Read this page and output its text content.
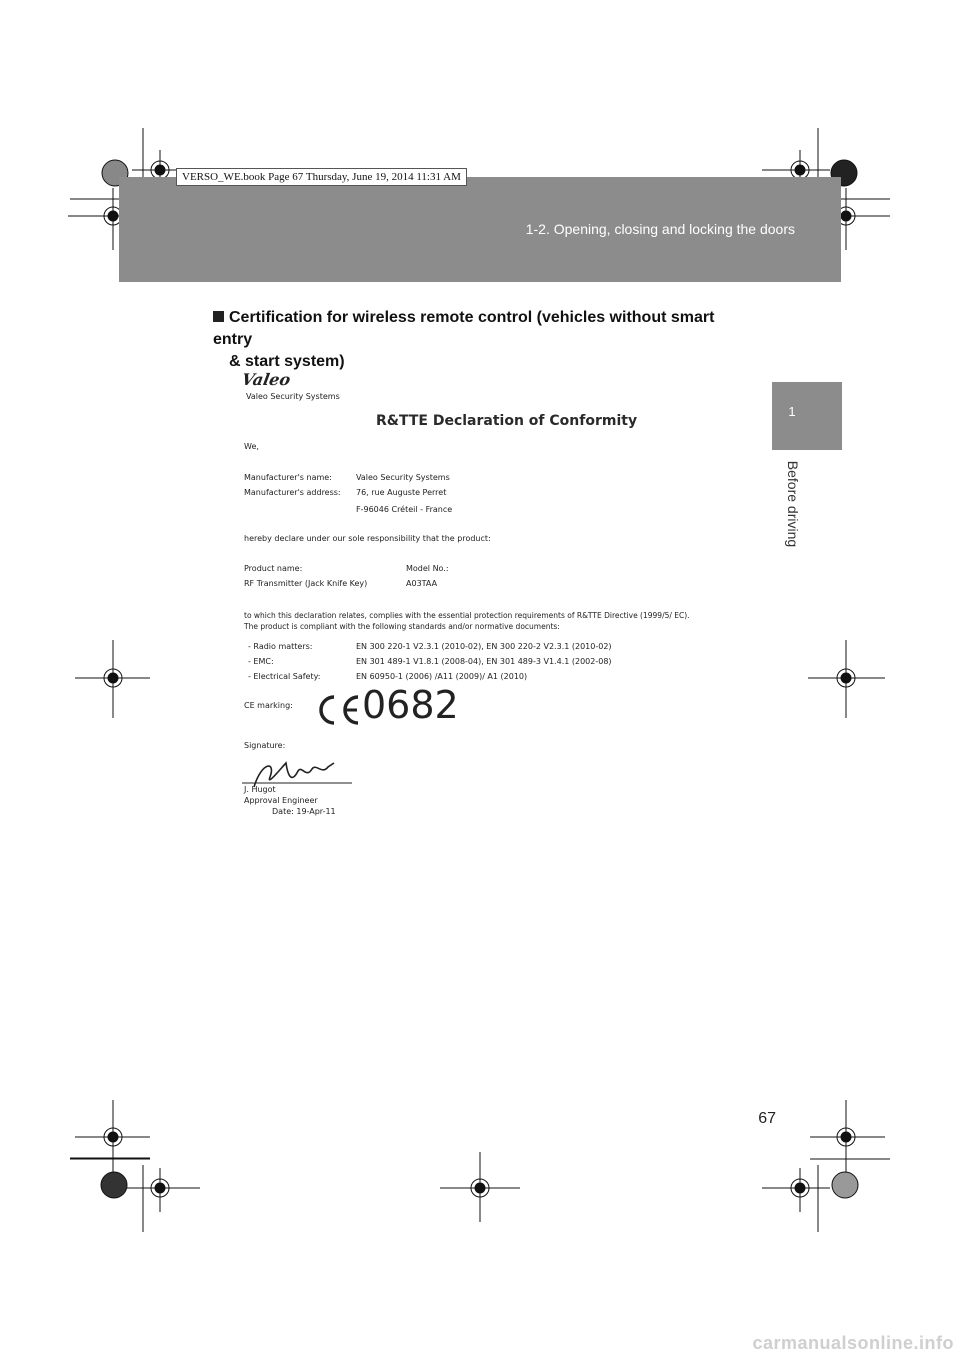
VERSO_WE.book Page 67 Thursday, June 19, 2014 11:31 AM
1-2. Opening, closing and locking the doors
1
Before driving
Certification for wireless remote control (vehicles without smart entry
& start system)
Valeo
Valeo Security Systems
R&TTE Declaration of Conformity
We,
Manufacturer's name:	Valeo Security Systems
Manufacturer's address: 76, rue Auguste Perret
F-96046 Créteil - France
hereby declare under our sole responsibility that the product:
Product name:	Model No.:
RF Transmitter (Jack Knife Key)	A03TAA
to which this declaration relates, complies with the essential protection requirements of R&TTE Directive (1999/5/ EC).
The product is compliant with the following standards and/or normative documents:
- Radio matters:	EN 300 220-1 V2.3.1 (2010-02), EN 300 220-2 V2.3.1 (2010-02)
- EMC:	EN 301 489-1 V1.8.1 (2008-04), EN 301 489-3 V1.4.1 (2002-08)
- Electrical Safety:	EN 60950-1 (2006) /A11 (2009)/ A1 (2010)
CE marking: 0682
Signature:
J. Hugot
Approval Engineer
Date: 19-Apr-11
67
carmanualsonline.info
